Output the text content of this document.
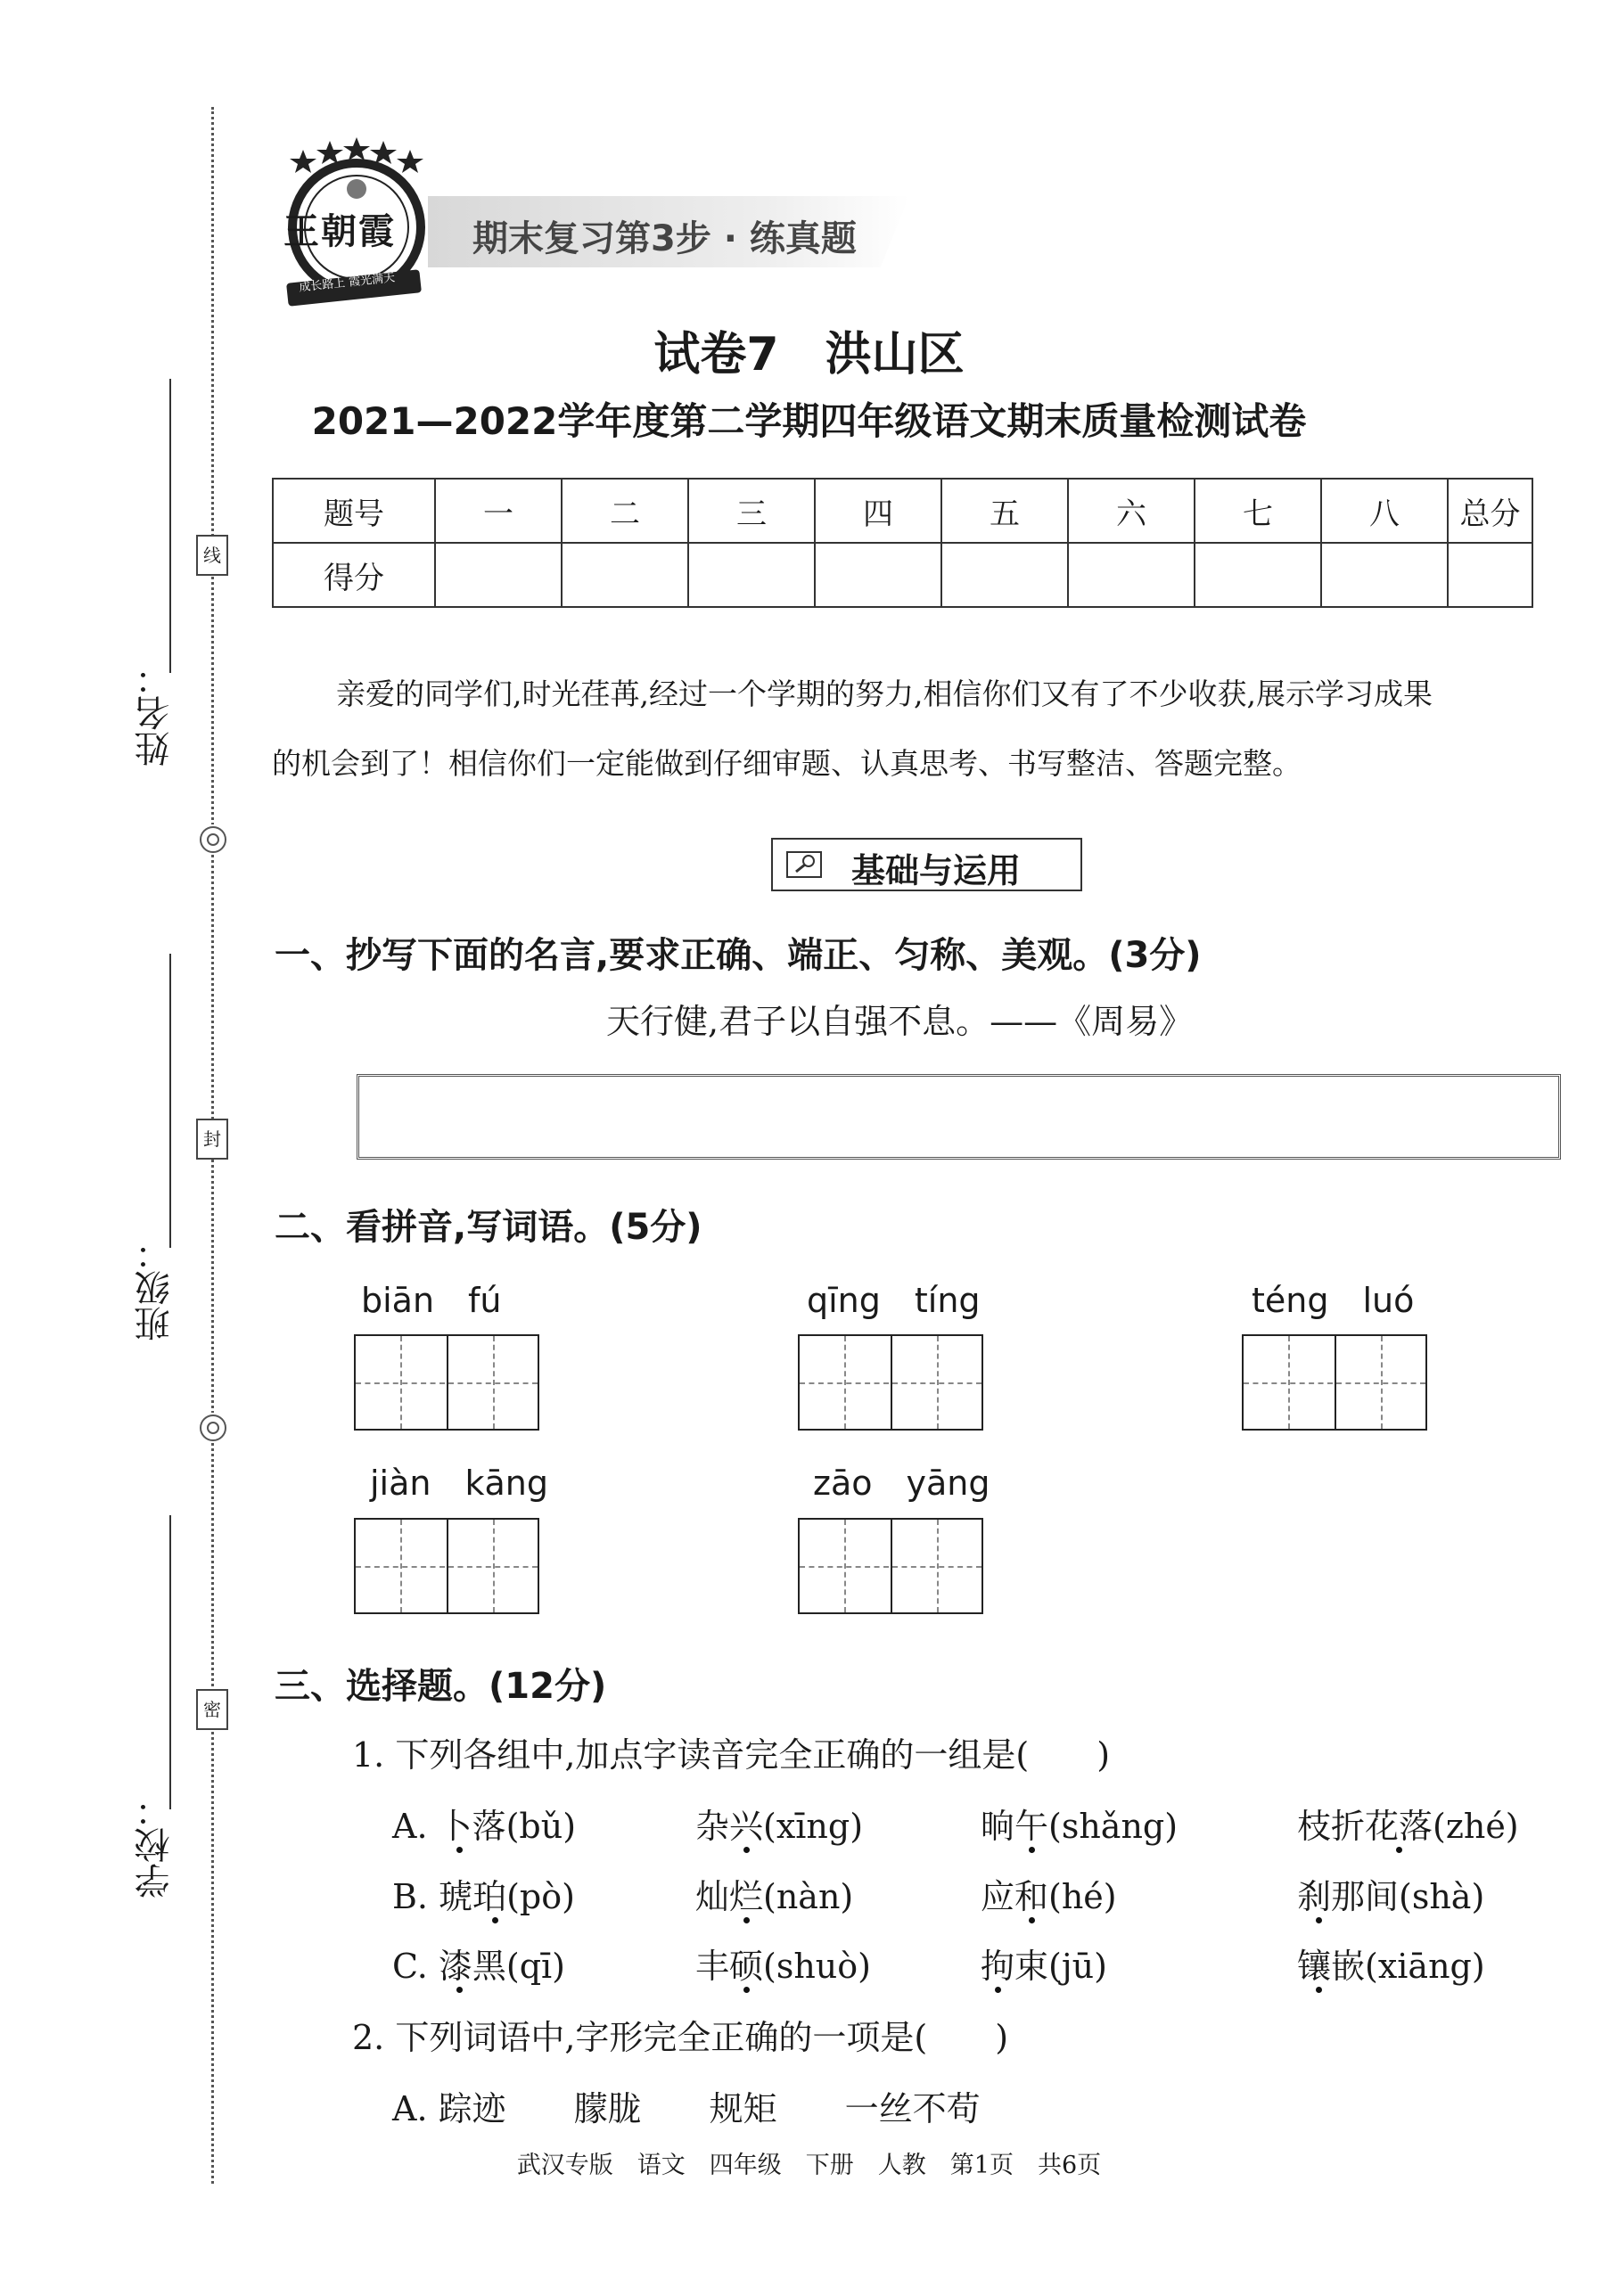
姓名：
班级：
学校：
线
封
密
期末复习第3步 · 练真题
王朝霞
成长路上 霞光满天
试卷7　洪山区
2021—2022学年度第二学期四年级语文期末质量检测试卷
题号	一	二	三	四	五	六	七	八	总分
得分									
亲爱的同学们,时光荏苒,经过一个学期的努力,相信你们又有了不少收获,展示学习成果
的机会到了！相信你们一定能做到仔细审题、认真思考、书写整洁、答题完整。
基础与运用
一、抄写下面的名言,要求正确、端正、匀称、美观。(3分)
天行健,君子以自强不息。——《周易》
二、看拼音,写词语。(5分)
biān　fú	qīng　tíng	téng　luó
jiàn　kāng	zāo　yāng
三、选择题。(12分)
1. 下列各组中,加点字读音完全正确的一组是(　　)
A. 卜落(bǔ)	杂兴(xīng)	晌午(shǎng)	枝折花落(zhé)
B. 琥珀(pò)	灿烂(nàn)	应和(hé)	刹那间(shà)
C. 漆黑(qī)	丰硕(shuò)	拘束(jū)	镶嵌(xiāng)
2. 下列词语中,字形完全正确的一项是(　　)
A. 踪迹　　朦胧　　规矩　　一丝不苟
武汉专版　语文　四年级　下册　人教　第1页　共6页
